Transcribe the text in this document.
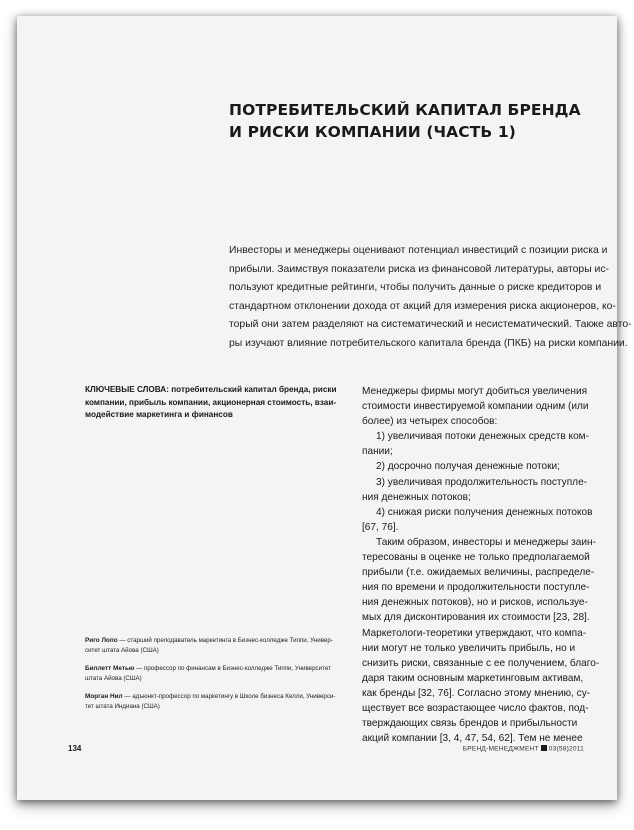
ПОТРЕБИТЕЛЬСКИЙ КАПИТАЛ БРЕНДА
И РИСКИ КОМПАНИИ (ЧАСТЬ 1)
Инвесторы и менеджеры оценивают потенциал инвестиций с позиции риска и
прибыли. Заимствуя показатели риска из финансовой литературы, авторы ис-
пользуют кредитные рейтинги, чтобы получить данные о риске кредиторов и
стандартном отклонении дохода от акций для измерения риска акционеров, ко-
торый они затем разделяют на систематический и несистематический. Также авто-
ры изучают влияние потребительского капитала бренда (ПКБ) на риски компании.
КЛЮЧЕВЫЕ СЛОВА: потребительский капитал бренда, риски
компании, прибыль компании, акционерная стоимость, взаи-
модействие маркетинга и финансов
Риго Лопо — старший преподаватель маркетинга в Бизнес-колледже Типпи, Универ-
ситет штата Айова (США)
Биллетт Метью — профессор по финансам в Бизнес-колледже Типпи, Университет
штата Айова (США)
Морган Нил — адъюнкт-профессор по маркетингу в Школе бизнеса Келли, Универси-
тет штата Индиана (США)
Менеджеры фирмы могут добиться увеличения
стоимости инвестируемой компании одним (или
более) из четырех способов:
1) увеличивая потоки денежных средств ком-
пании;
2) досрочно получая денежные потоки;
3) увеличивая продолжительность поступле-
ния денежных потоков;
4) снижая риски получения денежных потоков
[67, 76].
Таким образом, инвесторы и менеджеры заин-
тересованы в оценке не только предполагаемой
прибыли (т.е. ожидаемых величины, распределе-
ния по времени и продолжительности поступле-
ния денежных потоков), но и рисков, используе-
мых для дисконтирования их стоимости [23, 28].
Маркетологи-теоретики утверждают, что компа-
нии могут не только увеличить прибыль, но и
снизить риски, связанные с ее получением, благо-
даря таким основным маркетинговым активам,
как бренды [32, 76]. Согласно этому мнению, су-
ществует все возрастающее число фактов, под-
тверждающих связь брендов и прибыльности
акций компании [3, 4, 47, 54, 62]. Тем не менее
134	БРЕНД-МЕНЕДЖМЕНТ 03(58)2011
